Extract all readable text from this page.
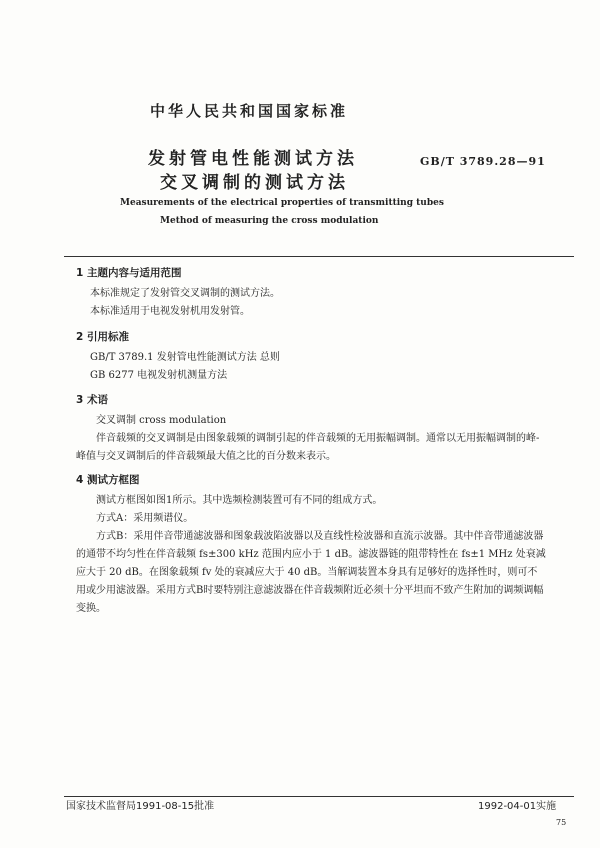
中华人民共和国国家标准
发射管电性能测试方法
交叉调制的测试方法
GB/T 3789.28—91
Measurements of the electrical properties of transmitting tubes
Method of measuring the cross modulation
1 主题内容与适用范围

本标准规定了发射管交叉调制的测试方法。

本标准适用于电视发射机用发射管。

2 引用标准

GB/T 3789.1 发射管电性能测试方法 总则

GB 6277 电视发射机测量方法

3 术语

交叉调制 cross modulation

伴音载频的交叉调制是由图象载频的调制引起的伴音载频的无用振幅调制。通常以无用振幅调制的峰-峰值与交叉调制后的伴音载频最大值之比的百分数来表示。

4 测试方框图

测试方框图如图1所示。其中选频检测装置可有不同的组成方式。

方式A：采用频谱仪。

方式B：采用伴音带通滤波器和图象载波陷波器以及直线性检波器和直流示波器。其中伴音带通滤波器的通带不均匀性在伴音载频 fs±300 kHz 范围内应小于 1 dB。滤波器链的阻带特性在 fs±1 MHz 处衰减应大于 20 dB。在图象载频 fv 处的衰减应大于 40 dB。当解调装置本身具有足够好的选择性时，则可不用或少用滤波器。采用方式B时要特别注意滤波器在伴音载频附近必须十分平坦而不致产生附加的调频调幅变换。

国家技术监督局1991-08-15批准	1992-04-01实施
75
